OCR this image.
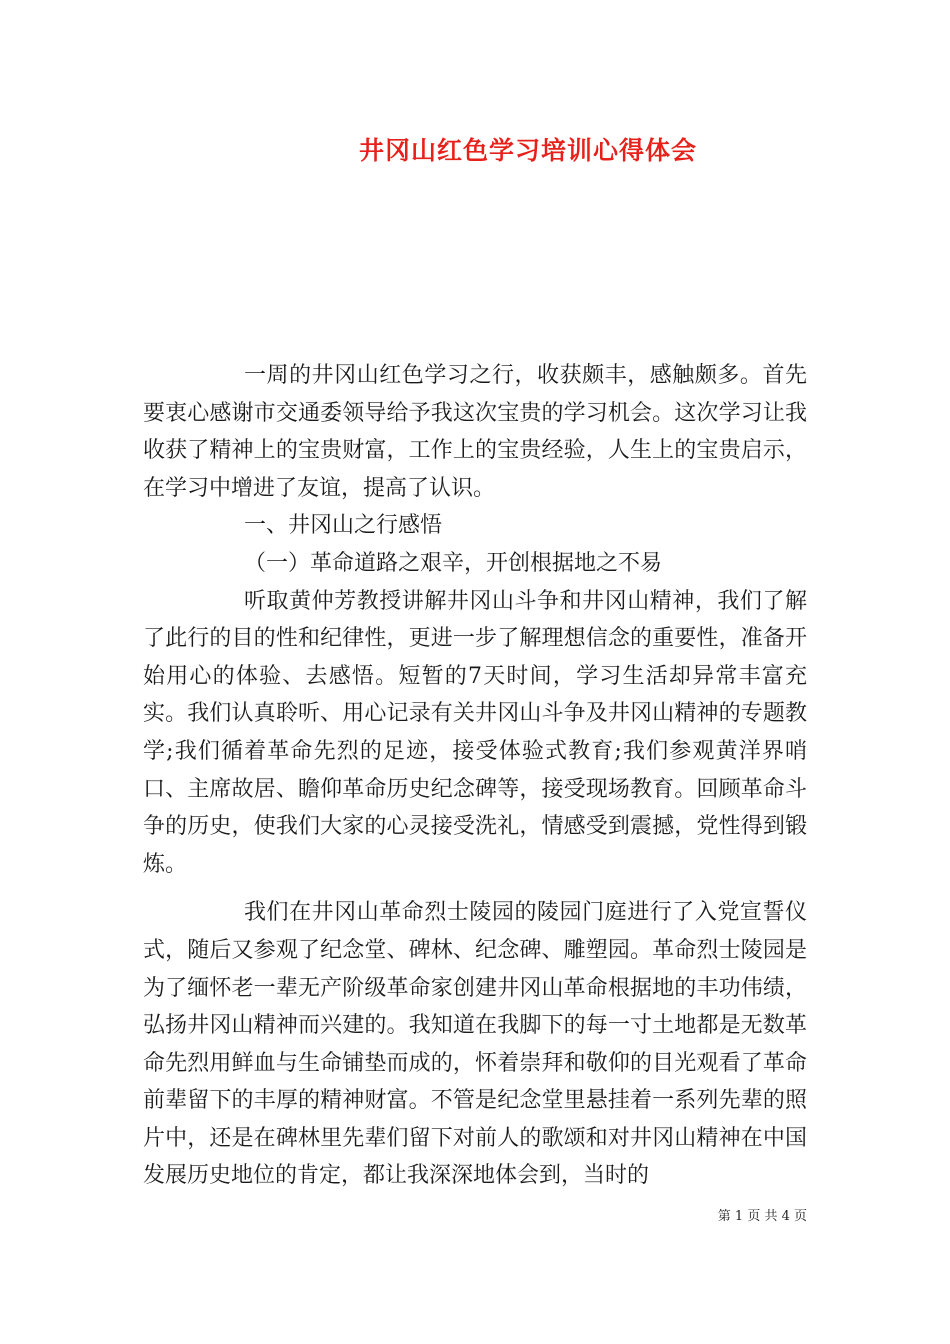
井冈山红色学习培训心得体会

一周的井冈山红色学习之行，收获颇丰，感触颇多。首先要衷心感谢市交通委领导给予我这次宝贵的学习机会。这次学习让我收获了精神上的宝贵财富，工作上的宝贵经验，人生上的宝贵启示，在学习中增进了友谊，提高了认识。

一、井冈山之行感悟

（一）革命道路之艰辛，开创根据地之不易

听取黄仲芳教授讲解井冈山斗争和井冈山精神，我们了解了此行的目的性和纪律性，更进一步了解理想信念的重要性，准备开始用心的体验、去感悟。短暂的7天时间，学习生活却异常丰富充实。我们认真聆听、用心记录有关井冈山斗争及井冈山精神的专题教学;我们循着革命先烈的足迹，接受体验式教育;我们参观黄洋界哨口、主席故居、瞻仰革命历史纪念碑等，接受现场教育。回顾革命斗争的历史，使我们大家的心灵接受洗礼，情感受到震撼，党性得到锻炼。

我们在井冈山革命烈士陵园的陵园门庭进行了入党宣誓仪式，随后又参观了纪念堂、碑林、纪念碑、雕塑园。革命烈士陵园是为了缅怀老一辈无产阶级革命家创建井冈山革命根据地的丰功伟绩，弘扬井冈山精神而兴建的。我知道在我脚下的每一寸土地都是无数革命先烈用鲜血与生命铺垫而成的，怀着崇拜和敬仰的目光观看了革命前辈留下的丰厚的精神财富。不管是纪念堂里悬挂着一系列先辈的照片中，还是在碑林里先辈们留下对前人的歌颂和对井冈山精神在中国发展历史地位的肯定，都让我深深地体会到，当时的

第 1 页 共 4 页
